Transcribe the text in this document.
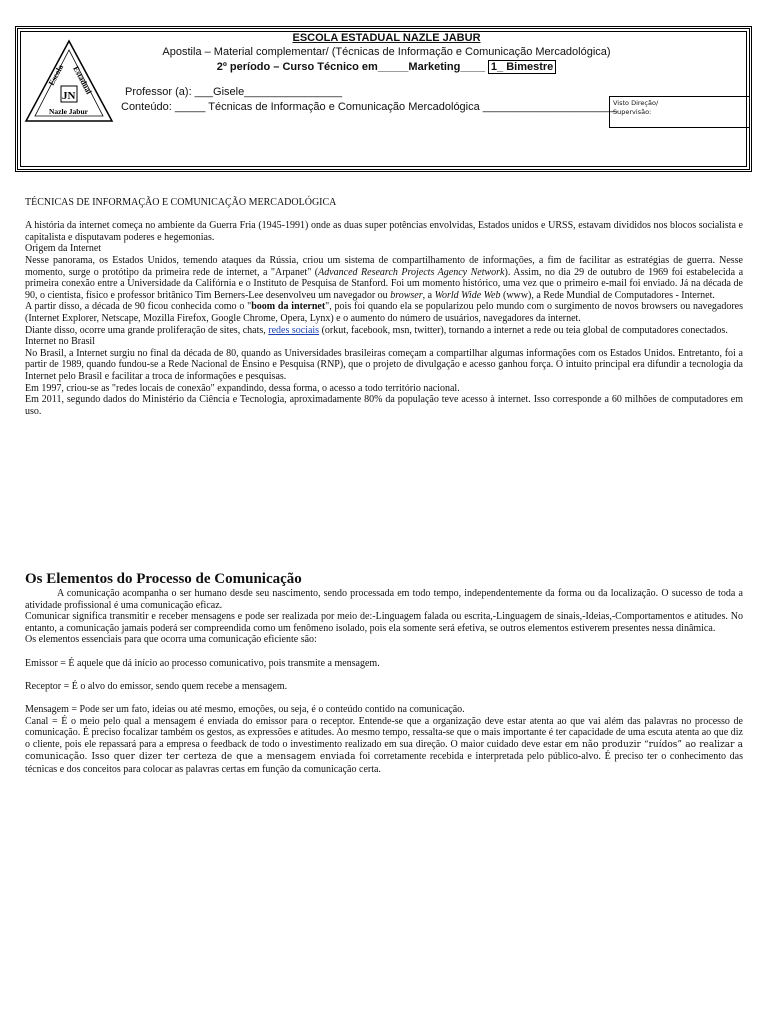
Escola Estadual
JN
Nazle Jabur
ESCOLA ESTADUAL NAZLE JABUR
Apostila – Material complementar/ (Técnicas de Informação e Comunicação Mercadológica)
2º período – Curso Técnico em_____Marketing____ 1_ Bimestre
Professor (a): ___Gisele________________
Conteúdo: _____ Técnicas de Informação e Comunicação Mercadológica ______________________
Visto Direção/
Supervisão:

TÉCNICAS DE INFORMAÇÃO E COMUNICAÇÃO MERCADOLÓGICA

A história da internet começa no ambiente da Guerra Fria (1945-1991) onde as duas super potências envolvidas, Estados unidos e URSS, estavam divididos nos blocos socialista e capitalista e disputavam poderes e hegemonias.

Origem da Internet

Nesse panorama, os Estados Unidos, temendo ataques da Rússia, criou um sistema de compartilhamento de informações, a fim de facilitar as estratégias de guerra. Nesse momento, surge o protótipo da primeira rede de internet, a "Arpanet" (Advanced Research Projects Agency Network). Assim, no dia 29 de outubro de 1969 foi estabelecida a primeira conexão entre a Universidade da Califórnia e o Instituto de Pesquisa de Stanford. Foi um momento histórico, uma vez que o primeiro e-mail foi enviado. Já na década de 90, o cientista, físico e professor britânico Tim Berners-Lee desenvolveu um navegador ou browser, a World Wide Web (www), a Rede Mundial de Computadores - Internet.

A partir disso, a década de 90 ficou conhecida como o "boom da internet", pois foi quando ela se popularizou pelo mundo com o surgimento de novos browsers ou navegadores (Internet Explorer, Netscape, Mozilla Firefox, Google Chrome, Opera, Lynx) e o aumento do número de usuários, navegadores da internet.

Diante disso, ocorre uma grande proliferação de sites, chats, redes sociais (orkut, facebook, msn, twitter), tornando a internet a rede ou teia global de computadores conectados.

Internet no Brasil

No Brasil, a Internet surgiu no final da década de 80, quando as Universidades brasileiras começam a compartilhar algumas informações com os Estados Unidos. Entretanto, foi a partir de 1989, quando fundou-se a Rede Nacional de Ensino e Pesquisa (RNP), que o projeto de divulgação e acesso ganhou força. O intuito principal era difundir a tecnologia da Internet pelo Brasil e facilitar a troca de informações e pesquisas.

Em 1997, criou-se as "redes locais de conexão" expandindo, dessa forma, o acesso a todo território nacional.

Em 2011, segundo dados do Ministério da Ciência e Tecnologia, aproximadamente 80% da população teve acesso à internet. Isso corresponde a 60 milhões de computadores em uso.

Os Elementos do Processo de Comunicação

A comunicação acompanha o ser humano desde seu nascimento, sendo processada em todo tempo, independentemente da forma ou da localização. O sucesso de toda a atividade profissional é uma comunicação eficaz.

Comunicar significa transmitir e receber mensagens e pode ser realizada por meio de:-Linguagem falada ou escrita,-Linguagem de sinais,-Ideias,-Comportamentos e atitudes. No entanto, a comunicação jamais poderá ser compreendida como um fenômeno isolado, pois ela somente será efetiva, se outros elementos estiverem presentes nessa dinâmica.

Os elementos essenciais para que ocorra uma comunicação eficiente são:

Emissor = É aquele que dá início ao processo comunicativo, pois transmite a mensagem.

Receptor = É o alvo do emissor, sendo quem recebe a mensagem.

Mensagem = Pode ser um fato, ideias ou até mesmo, emoções, ou seja, é o conteúdo contido na comunicação.

Canal = É o meio pelo qual a mensagem é enviada do emissor para o receptor. Entende-se que a organização deve estar atenta ao que vai além das palavras no processo de comunicação. É preciso focalizar também os gestos, as expressões e atitudes. Ao mesmo tempo, ressalta-se que o mais importante é ter capacidade de uma escuta atenta ao que diz o cliente, pois ele repassará para a empresa o feedback de todo o investimento realizado em sua direção. O maior cuidado deve estar em não produzir “ruídos” ao realizar a comunicação. Isso quer dizer ter certeza de que a mensagem enviada foi corretamente recebida e interpretada pelo público-alvo. É preciso ter o conhecimento das técnicas e dos conceitos para colocar as palavras certas em função da comunicação certa.
